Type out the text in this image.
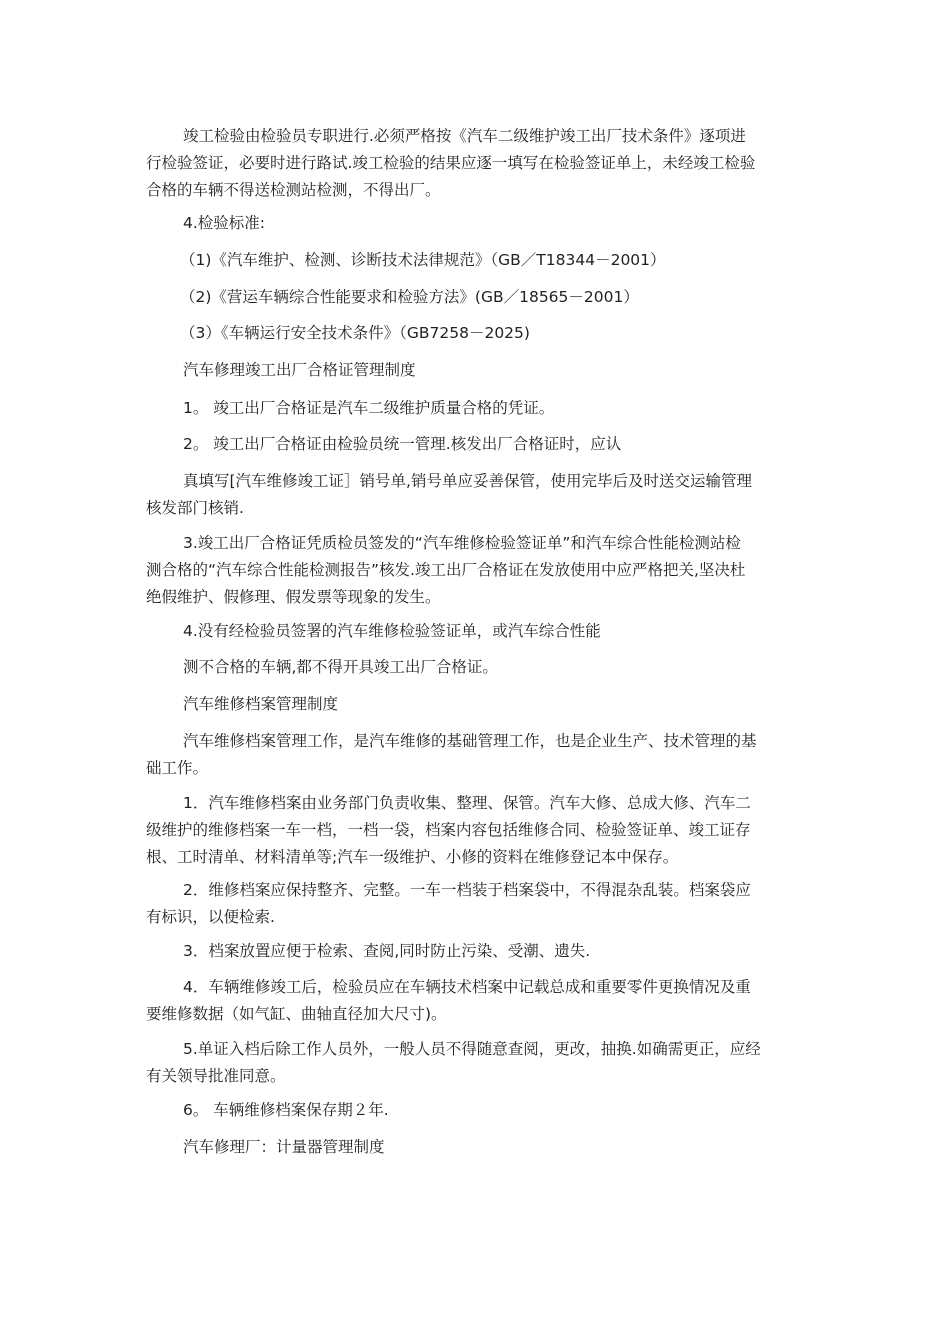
竣工检验由检验员专职进行.必须严格按《汽车二级维护竣工出厂技术条件》逐项进
行检验签证，必要时进行路试.竣工检验的结果应逐一填写在检验签证单上，未经竣工检验
合格的车辆不得送检测站检测，不得出厂。

4.检验标准:

（1)《汽车维护、检测、诊断技术法律规范》（GB／T18344－2001）

（2)《营运车辆综合性能要求和检验方法》(GB／18565－2001）

（3）《车辆运行安全技术条件》（GB7258－2025)

汽车修理竣工出厂合格证管理制度

1。 竣工出厂合格证是汽车二级维护质量合格的凭证。

2。 竣工出厂合格证由检验员统一管理.核发出厂合格证时，应认

真填写[汽车维修竣工证］销号单,销号单应妥善保管，使用完毕后及时送交运输管理
核发部门核销.

3.竣工出厂合格证凭质检员签发的“汽车维修检验签证单”和汽车综合性能检测站检
测合格的“汽车综合性能检测报告”核发.竣工出厂合格证在发放使用中应严格把关,坚决杜
绝假维护、假修理、假发票等现象的发生。

4.没有经检验员签署的汽车维修检验签证单，或汽车综合性能

测不合格的车辆,都不得开具竣工出厂合格证。

汽车维修档案管理制度

汽车维修档案管理工作，是汽车维修的基础管理工作，也是企业生产、技术管理的基
础工作。

1．汽车维修档案由业务部门负责收集、整理、保管。汽车大修、总成大修、汽车二
级维护的维修档案一车一档，一档一袋，档案内容包括维修合同、检验签证单、竣工证存
根、工时清单、材料清单等;汽车一级维护、小修的资料在维修登记本中保存。

2．维修档案应保持整齐、完整。一车一档装于档案袋中，不得混杂乱装。档案袋应
有标识，以便检索.

3．档案放置应便于检索、查阅,同时防止污染、受潮、遗失.

4．车辆维修竣工后，检验员应在车辆技术档案中记载总成和重要零件更换情况及重
要维修数据（如气缸、曲轴直径加大尺寸)。

5.单证入档后除工作人员外，一般人员不得随意查阅，更改，抽换.如确需更正，应经
有关领导批准同意。

6。 车辆维修档案保存期２年.

汽车修理厂：计量器管理制度
